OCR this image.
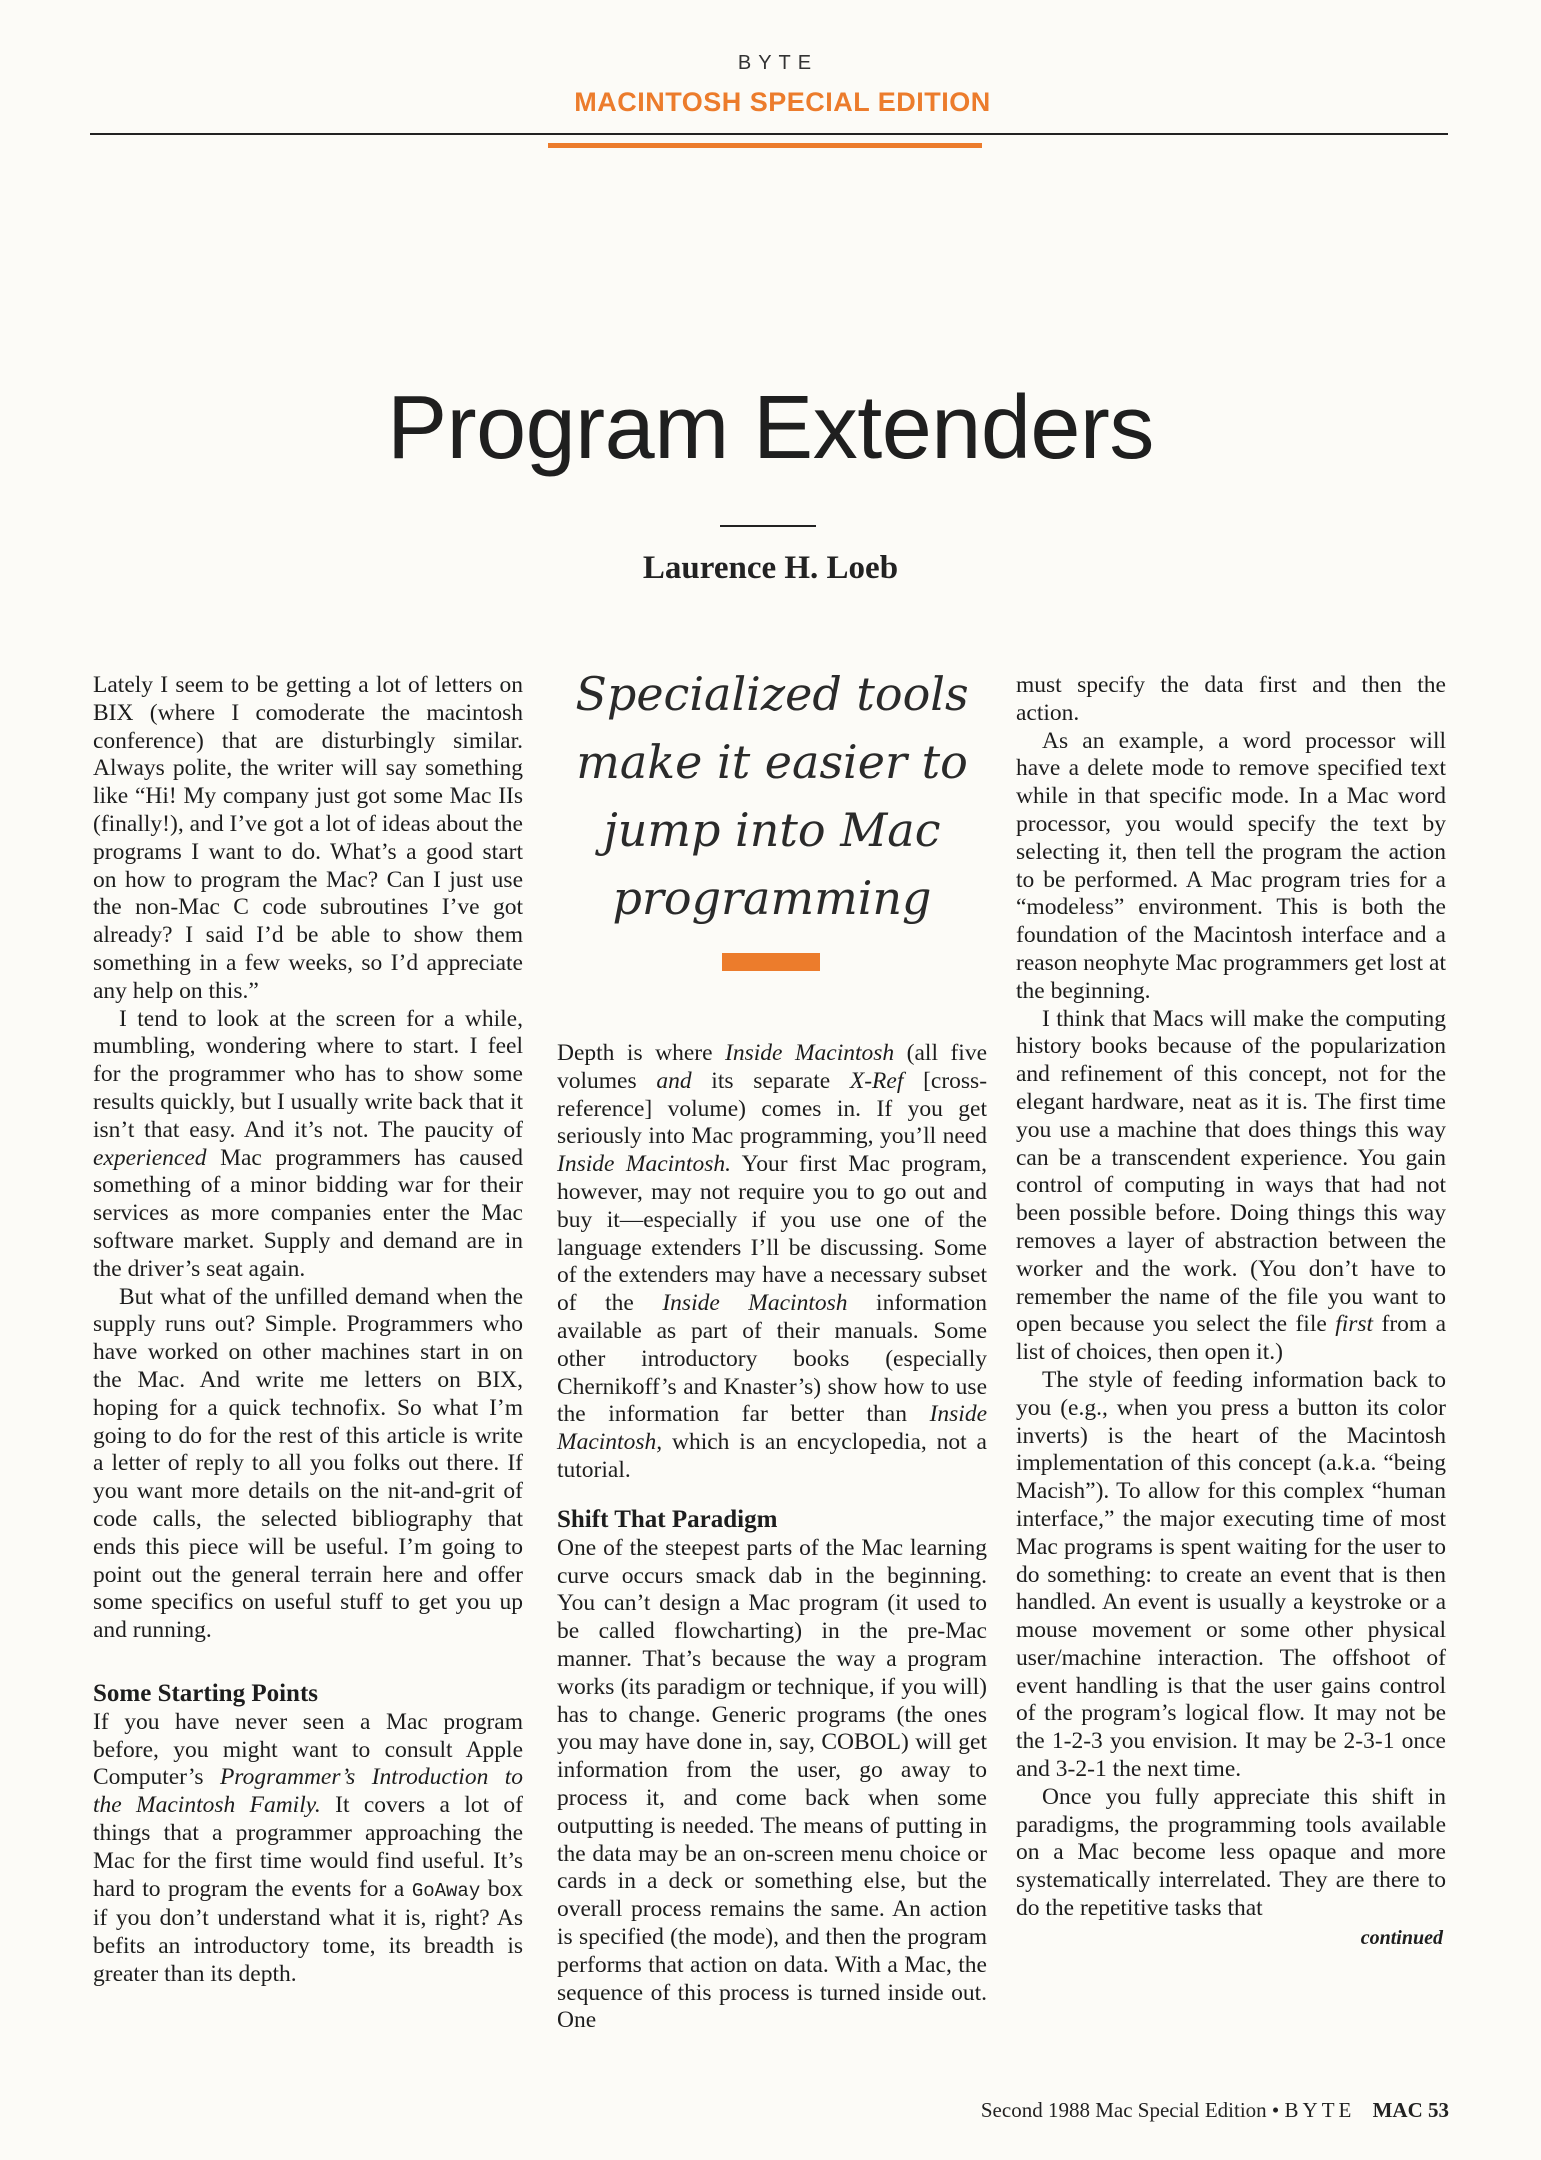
BYTE
MACINTOSH SPECIAL EDITION
Program Extenders
Laurence H. Loeb

Lately I seem to be getting a lot of letters on BIX (where I comoderate the macintosh conference) that are disturbingly similar. Always polite, the writer will say something like “Hi! My company just got some Mac IIs (finally!), and I’ve got a lot of ideas about the programs I want to do. What’s a good start on how to program the Mac? Can I just use the non-Mac C code subroutines I’ve got already? I said I’d be able to show them something in a few weeks, so I’d appreciate any help on this.”

I tend to look at the screen for a while, mumbling, wondering where to start. I feel for the programmer who has to show some results quickly, but I usually write back that it isn’t that easy. And it’s not. The paucity of experienced Mac programmers has caused something of a minor bidding war for their services as more companies enter the Mac software market. Supply and demand are in the driver’s seat again.

But what of the unfilled demand when the supply runs out? Simple. Programmers who have worked on other machines start in on the Mac. And write me letters on BIX, hoping for a quick technofix. So what I’m going to do for the rest of this article is write a letter of reply to all you folks out there. If you want more details on the nit-and-grit of code calls, the selected bibliography that ends this piece will be useful. I’m going to point out the general terrain here and offer some specifics on useful stuff to get you up and running.

Some Starting Points

If you have never seen a Mac program before, you might want to consult Apple Computer’s Programmer’s Introduction to the Macintosh Family. It covers a lot of things that a programmer approaching the Mac for the first time would find useful. It’s hard to program the events for a GoAway box if you don’t understand what it is, right? As befits an introductory tome, its breadth is greater than its depth.

Specialized tools make it easier to jump into Mac programming

Depth is where Inside Macintosh (all five volumes and its separate X-Ref [cross-reference] volume) comes in. If you get seriously into Mac programming, you’ll need Inside Macintosh. Your first Mac program, however, may not require you to go out and buy it—especially if you use one of the language extenders I’ll be discussing. Some of the extenders may have a necessary subset of the Inside Macintosh information available as part of their manuals. Some other introductory books (especially Chernikoff’s and Knaster’s) show how to use the information far better than Inside Macintosh, which is an encyclopedia, not a tutorial.

Shift That Paradigm

One of the steepest parts of the Mac learning curve occurs smack dab in the beginning. You can’t design a Mac program (it used to be called flowcharting) in the pre-Mac manner. That’s because the way a program works (its paradigm or technique, if you will) has to change. Generic programs (the ones you may have done in, say, COBOL) will get information from the user, go away to process it, and come back when some outputting is needed. The means of putting in the data may be an on-screen menu choice or cards in a deck or something else, but the overall process remains the same. An action is specified (the mode), and then the program performs that action on data. With a Mac, the sequence of this process is turned inside out. One

must specify the data first and then the action.

As an example, a word processor will have a delete mode to remove specified text while in that specific mode. In a Mac word processor, you would specify the text by selecting it, then tell the program the action to be performed. A Mac program tries for a “modeless” environment. This is both the foundation of the Macintosh interface and a reason neophyte Mac programmers get lost at the beginning.

I think that Macs will make the computing history books because of the popularization and refinement of this concept, not for the elegant hardware, neat as it is. The first time you use a machine that does things this way can be a transcendent experience. You gain control of computing in ways that had not been possible before. Doing things this way removes a layer of abstraction between the worker and the work. (You don’t have to remember the name of the file you want to open because you select the file first from a list of choices, then open it.)

The style of feeding information back to you (e.g., when you press a button its color inverts) is the heart of the Macintosh implementation of this concept (a.k.a. “being Macish”). To allow for this complex “human interface,” the major executing time of most Mac programs is spent waiting for the user to do something: to create an event that is then handled. An event is usually a keystroke or a mouse movement or some other physical user/machine interaction. The offshoot of event handling is that the user gains control of the program’s logical flow. It may not be the 1-2-3 you envision. It may be 2-3-1 once and 3-2-1 the next time.

Once you fully appreciate this shift in paradigms, the programming tools available on a Mac become less opaque and more systematically interrelated. They are there to do the repetitive tasks that

continued
Second 1988 Mac Special Edition • BYTE MAC 53
